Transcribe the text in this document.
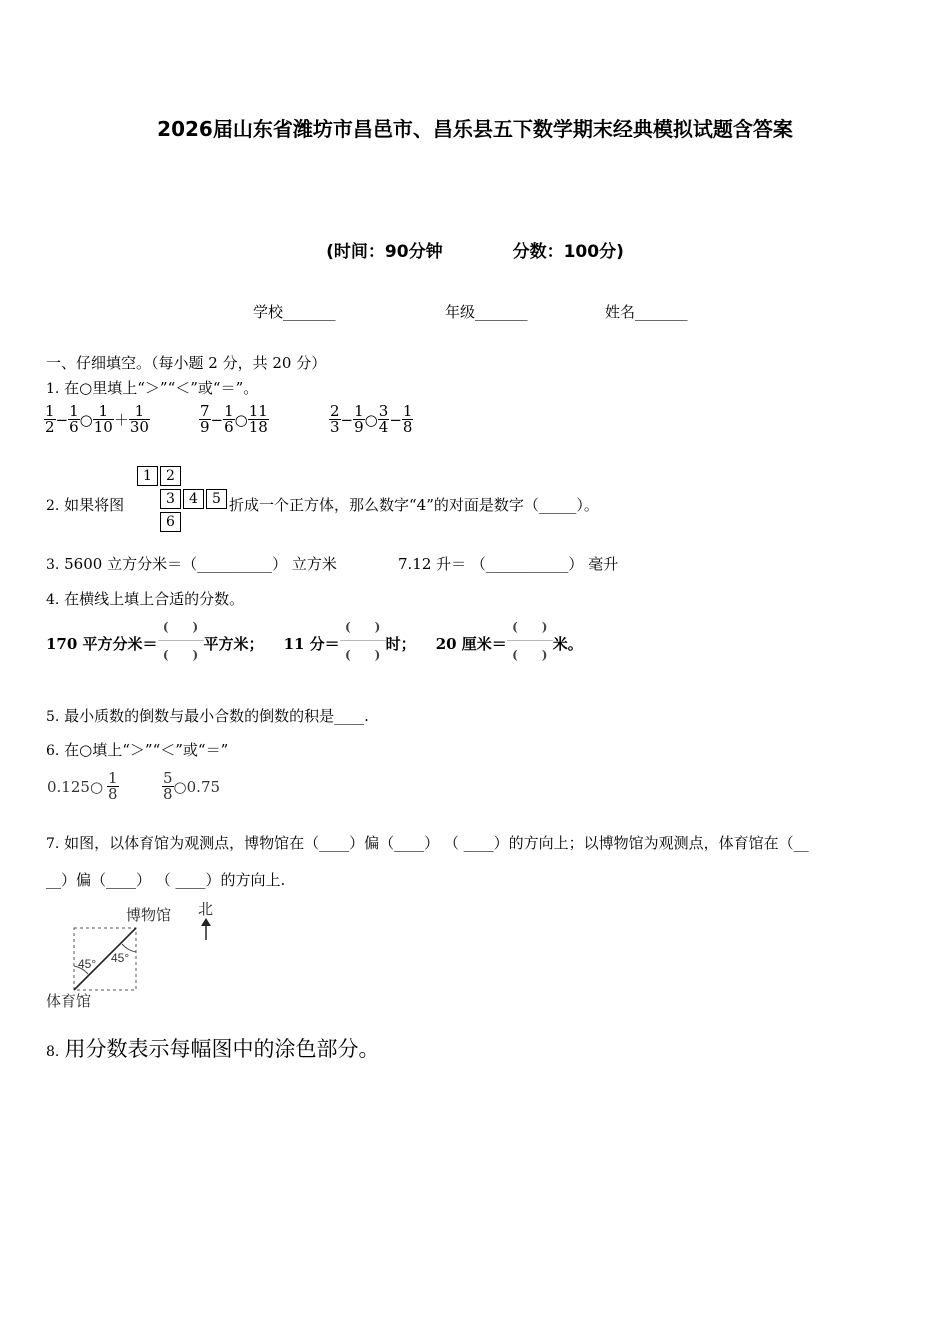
2026届山东省潍坊市昌邑市、昌乐县五下数学期末经典模拟试题含答案
(时间：90分钟	分数：100分)
学校_______	年级_______	姓名_______
一、仔细填空。（每小题 2 分，共 20 分）
1. 在○里填上“＞”“＜”或“＝”。
$\frac{1}{2} - \frac{1}{6}$ ○ $\frac{1}{10} + \frac{1}{30}$	$\frac{7}{9} - \frac{1}{6}$ ○ $\frac{11}{18}$	$\frac{2}{3} - \frac{1}{9}$ ○ $\frac{3}{4} - \frac{1}{8}$
2. 如果将图
1	2
3	4	5
6
折成一个正方体，那么数字“4”的对面是数字（_____）。
3. 5600 立方分米＝（__________） 立方米	7.12 升＝ （___________） 毫升
4. 在横线上填上合适的分数。
170 平方分米＝ $\frac{( )}{( )}$ 平方米； 11 分＝ $\frac{( )}{( )}$ 时； 20 厘米＝ $\frac{( )}{( )}$ 米。
5. 最小质数的倒数与最小合数的倒数的积是____.
6. 在○填上“＞”“＜”或“＝”
0.125○ $\frac{1}{8}$	$\frac{5}{8}$ ○0.75
7. 如图，以体育馆为观测点，博物馆在（____）偏（____） （ ____）的方向上；以博物馆为观测点，体育馆在（__
__）偏（____） （ ____）的方向上.
45° 45°
博物馆
体育馆
北
8. 用分数表示每幅图中的涂色部分。
